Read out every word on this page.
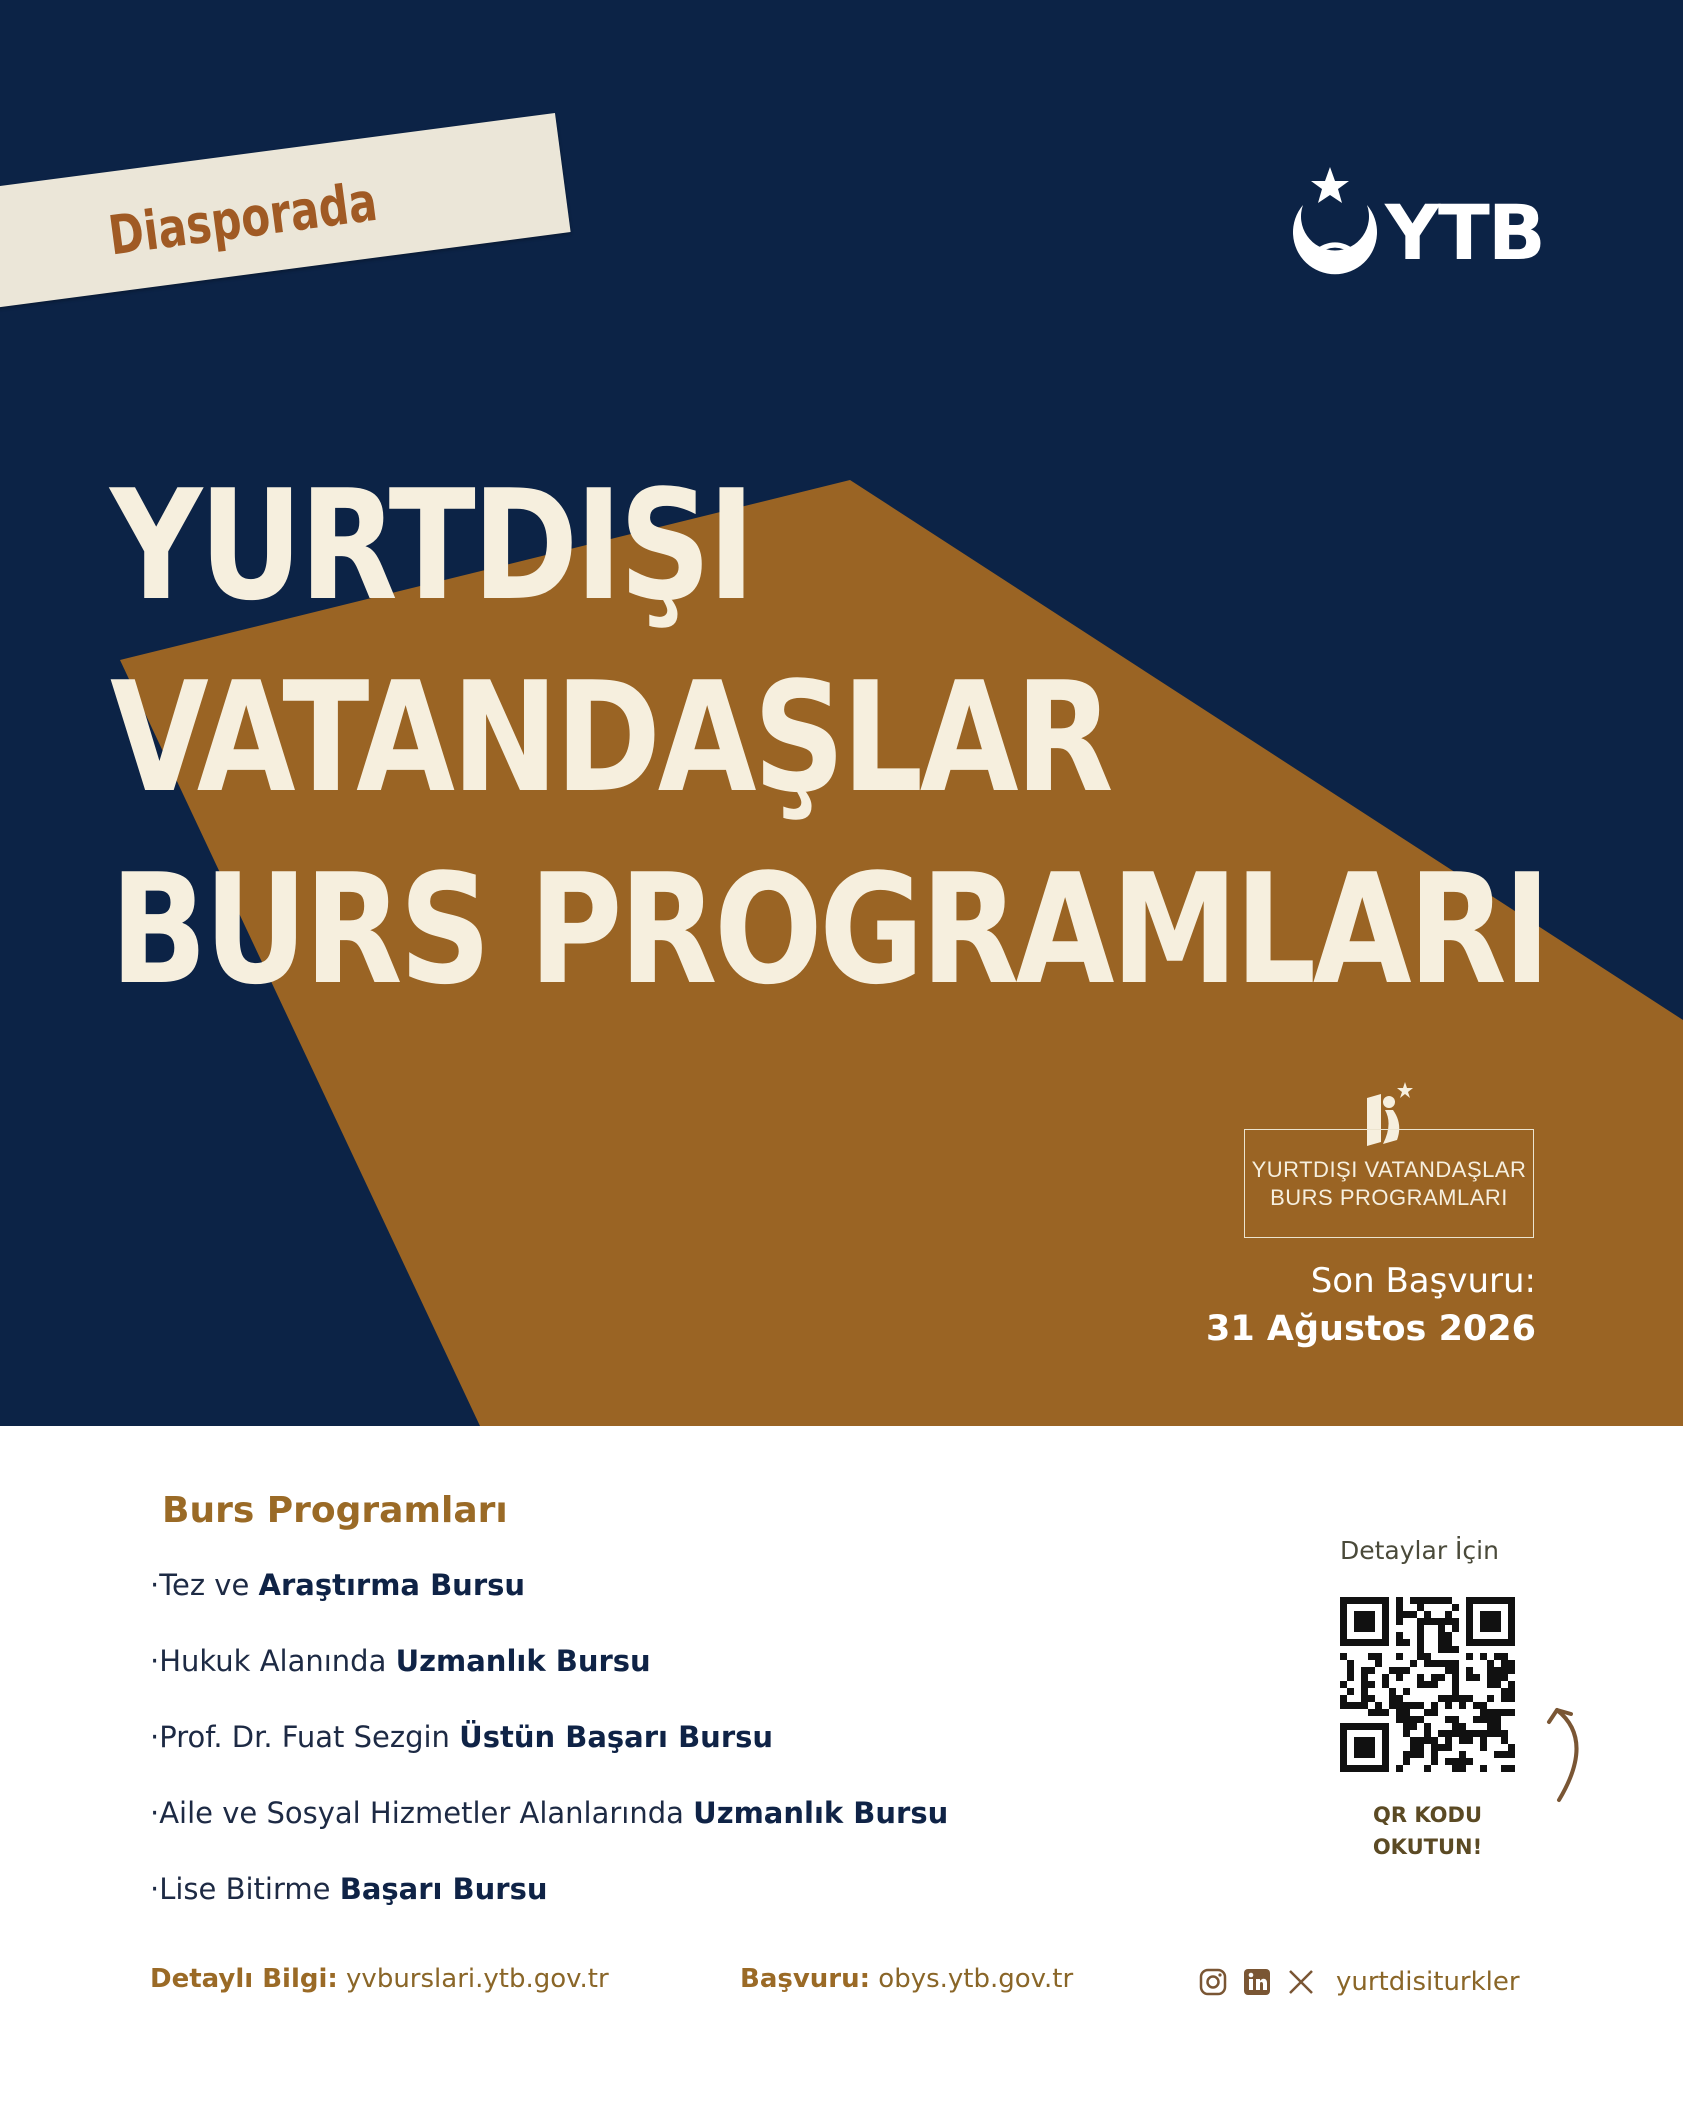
Diasporada	YTB
YURTDIŞI
VATANDAŞLAR
BURS PROGRAMLARI
YURTDIŞI VATANDAŞLAR
BURS PROGRAMLARI
Son Başvuru:
31 Ağustos 2026
Burs Programları
·Tez ve Araştırma Bursu
·Hukuk Alanında Uzmanlık Bursu
·Prof. Dr. Fuat Sezgin Üstün Başarı Bursu
·Aile ve Sosyal Hizmetler Alanlarında Uzmanlık Bursu
·Lise Bitirme Başarı Bursu
Detaylar İçin
QR KODU
OKUTUN!
Detaylı Bilgi: yvburslari.ytb.gov.tr	Başvuru: obys.ytb.gov.tr	yurtdisiturkler
